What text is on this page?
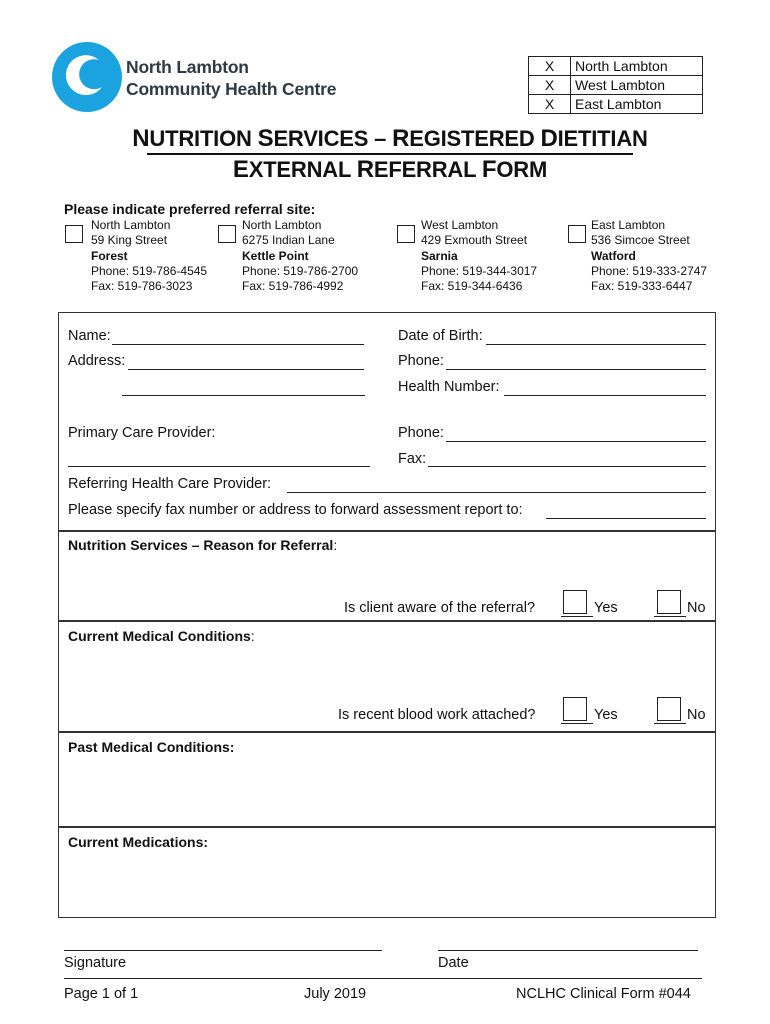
North Lambton
Community Health Centre
X	North Lambton
X	West Lambton
X	East Lambton
NUTRITION SERVICES – REGISTERED DIETITIAN
EXTERNAL REFERRAL FORM
Please indicate preferred referral site:
North Lambton
59 King Street
Forest
Phone: 519-786-4545
Fax: 519-786-3023
North Lambton
6275 Indian Lane
Kettle Point
Phone: 519-786-2700
Fax: 519-786-4992
West Lambton
429 Exmouth Street
Sarnia
Phone: 519-344-3017
Fax: 519-344-6436
East Lambton
536 Simcoe Street
Watford
Phone: 519-333-2747
Fax: 519-333-6447
Name:	Date of Birth:
Address:	Phone:
Health Number:
Primary Care Provider:	Phone:
Fax:
Referring Health Care Provider:
Please specify fax number or address to forward assessment report to:
Nutrition Services – Reason for Referral:
Is client aware of the referral?	Yes	No
Current Medical Conditions:
Is recent blood work attached?	Yes	No
Past Medical Conditions:
Current Medications:
Signature	Date
Page 1 of 1	July 2019	NCLHC Clinical Form #044
